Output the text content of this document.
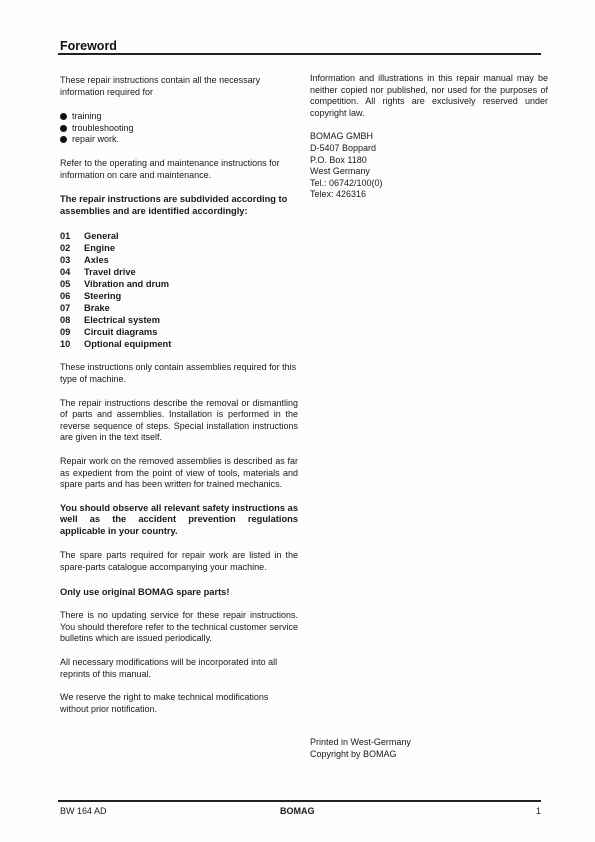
Foreword

These repair instructions contain all the necessary information required for

training
troubleshooting
repair work.

Refer to the operating and maintenance instructions for information on care and maintenance.

The repair instructions are subdivided according to assemblies and are identified accordingly:

01 General
02 Engine
03 Axles
04 Travel drive
05 Vibration and drum
06 Steering
07 Brake
08 Electrical system
09 Circuit diagrams
10 Optional equipment

These instructions only contain assemblies required for this type of machine.

The repair instructions describe the removal or dismantling of parts and assemblies. Installation is performed in the reverse sequence of steps. Special installation instructions are given in the text itself.

Repair work on the removed assemblies is described as far as expedient from the point of view of tools, materials and spare parts and has been written for trained mechanics.

You should observe all relevant safety instructions as well as the accident prevention regulations applicable in your country.

The spare parts required for repair work are listed in the spare-parts catalogue accompanying your machine.

Only use original BOMAG spare parts!

There is no updating service for these repair instructions. You should therefore refer to the technical customer service bulletins which are issued periodically.

All necessary modifications will be incorporated into all reprints of this manual.

We reserve the right to make technical modifications without prior notification.

Information and illustrations in this repair manual may be neither copied nor published, nor used for the purposes of competition. All rights are exclusively reserved under copyright law.

BOMAG GMBH
D-5407 Boppard
P.O. Box 1180
West Germany
Tel.: 06742/100(0)
Telex: 426316
Printed in West-Germany
Copyright by BOMAG
BW 164 AD	BOMAG	1
